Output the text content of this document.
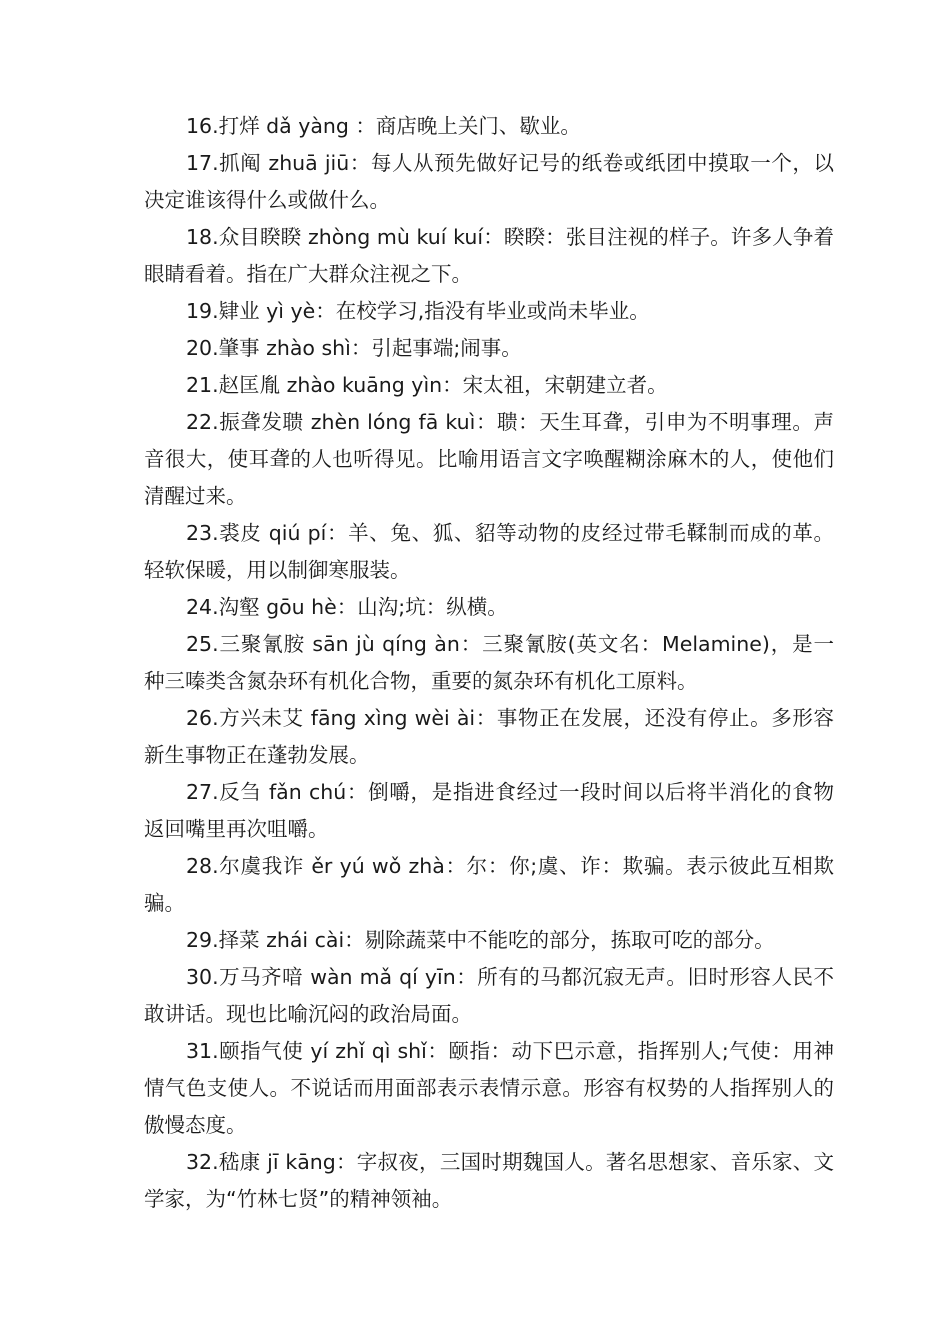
16.打烊 dǎ yàng ：商店晚上关门、歇业。

17.抓阄 zhuā jiū：每人从预先做好记号的纸卷或纸团中摸取一个，以决定谁该得什么或做什么。

18.众目睽睽 zhòng mù kuí kuí：睽睽：张目注视的样子。许多人争着眼睛看着。指在广大群众注视之下。

19.肄业 yì yè：在校学习,指没有毕业或尚未毕业。

20.肇事 zhào shì：引起事端;闹事。

21.赵匡胤 zhào kuāng yìn：宋太祖，宋朝建立者。

22.振聋发聩 zhèn lóng fā kuì：聩：天生耳聋，引申为不明事理。声音很大，使耳聋的人也听得见。比喻用语言文字唤醒糊涂麻木的人，使他们清醒过来。

23.裘皮 qiú pí：羊、兔、狐、貂等动物的皮经过带毛鞣制而成的革。轻软保暖，用以制御寒服装。

24.沟壑 gōu hè：山沟;坑：纵横。

25.三聚氰胺 sān jù qíng àn：三聚氰胺(英文名：Melamine)，是一种三嗪类含氮杂环有机化合物，重要的氮杂环有机化工原料。

26.方兴未艾 fāng xìng wèi ài：事物正在发展，还没有停止。多形容新生事物正在蓬勃发展。

27.反刍 fǎn chú：倒嚼，是指进食经过一段时间以后将半消化的食物返回嘴里再次咀嚼。

28.尔虞我诈 ěr yú wǒ zhà：尔：你;虞、诈：欺骗。表示彼此互相欺骗。

29.择菜 zhái cài：剔除蔬菜中不能吃的部分，拣取可吃的部分。

30.万马齐喑 wàn mǎ qí yīn：所有的马都沉寂无声。旧时形容人民不敢讲话。现也比喻沉闷的政治局面。

31.颐指气使 yí zhǐ qì shǐ：颐指：动下巴示意，指挥别人;气使：用神情气色支使人。不说话而用面部表示表情示意。形容有权势的人指挥别人的傲慢态度。

32.嵇康 jī kāng：字叔夜，三国时期魏国人。著名思想家、音乐家、文学家，为“竹林七贤”的精神领袖。
